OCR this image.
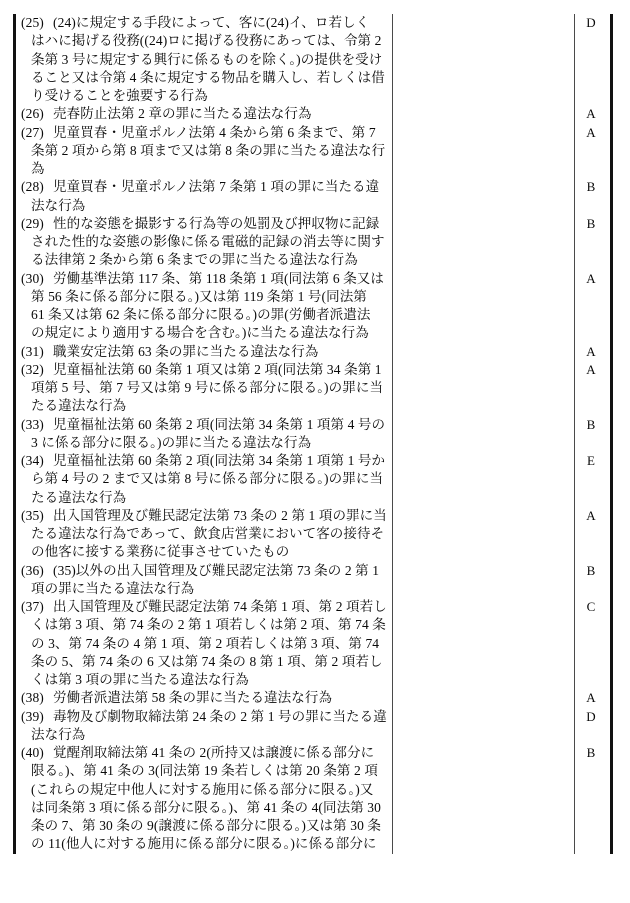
(25) (24)に規定する手段によって、客に(24)イ、ロ若しく
はハに掲げる役務((24)ロに掲げる役務にあっては、令第 2
条第 3 号に規定する興行に係るものを除く。)の提供を受け
ること又は令第 4 条に規定する物品を購入し、若しくは借
り受けることを強要する行為
D
(26) 売春防止法第 2 章の罪に当たる違法な行為	A
(27) 児童買春・児童ポルノ法第 4 条から第 6 条まで、第 7
条第 2 項から第 8 項まで又は第 8 条の罪に当たる違法な行
為
A
(28) 児童買春・児童ポルノ法第 7 条第 1 項の罪に当たる違
法な行為
B
(29) 性的な姿態を撮影する行為等の処罰及び押収物に記録
された性的な姿態の影像に係る電磁的記録の消去等に関す
る法律第 2 条から第 6 条までの罪に当たる違法な行為
B
(30) 労働基準法第 117 条、第 118 条第 1 項(同法第 6 条又は
第 56 条に係る部分に限る。)又は第 119 条第 1 号(同法第
61 条又は第 62 条に係る部分に限る。)の罪(労働者派遣法
の規定により適用する場合を含む。)に当たる違法な行為
A
(31) 職業安定法第 63 条の罪に当たる違法な行為	A
(32) 児童福祉法第 60 条第 1 項又は第 2 項(同法第 34 条第 1
項第 5 号、第 7 号又は第 9 号に係る部分に限る。)の罪に当
たる違法な行為
A
(33) 児童福祉法第 60 条第 2 項(同法第 34 条第 1 項第 4 号の
3 に係る部分に限る。)の罪に当たる違法な行為
B
(34) 児童福祉法第 60 条第 2 項(同法第 34 条第 1 項第 1 号か
ら第 4 号の 2 まで又は第 8 号に係る部分に限る。)の罪に当
たる違法な行為
E
(35) 出入国管理及び難民認定法第 73 条の 2 第 1 項の罪に当
たる違法な行為であって、飲食店営業において客の接待そ
の他客に接する業務に従事させていたもの
A
(36) (35)以外の出入国管理及び難民認定法第 73 条の 2 第 1
項の罪に当たる違法な行為
B
(37) 出入国管理及び難民認定法第 74 条第 1 項、第 2 項若し
くは第 3 項、第 74 条の 2 第 1 項若しくは第 2 項、第 74 条
の 3、第 74 条の 4 第 1 項、第 2 項若しくは第 3 項、第 74
条の 5、第 74 条の 6 又は第 74 条の 8 第 1 項、第 2 項若し
くは第 3 項の罪に当たる違法な行為
C
(38) 労働者派遣法第 58 条の罪に当たる違法な行為	A
(39) 毒物及び劇物取締法第 24 条の 2 第 1 号の罪に当たる違
法な行為
D
(40) 覚醒剤取締法第 41 条の 2(所持又は譲渡に係る部分に
限る。)、第 41 条の 3(同法第 19 条若しくは第 20 条第 2 項
(これらの規定中他人に対する施用に係る部分に限る。)又
は同条第 3 項に係る部分に限る。)、第 41 条の 4(同法第 30
条の 7、第 30 条の 9(譲渡に係る部分に限る。)又は第 30 条
の 11(他人に対する施用に係る部分に限る。)に係る部分に
B
